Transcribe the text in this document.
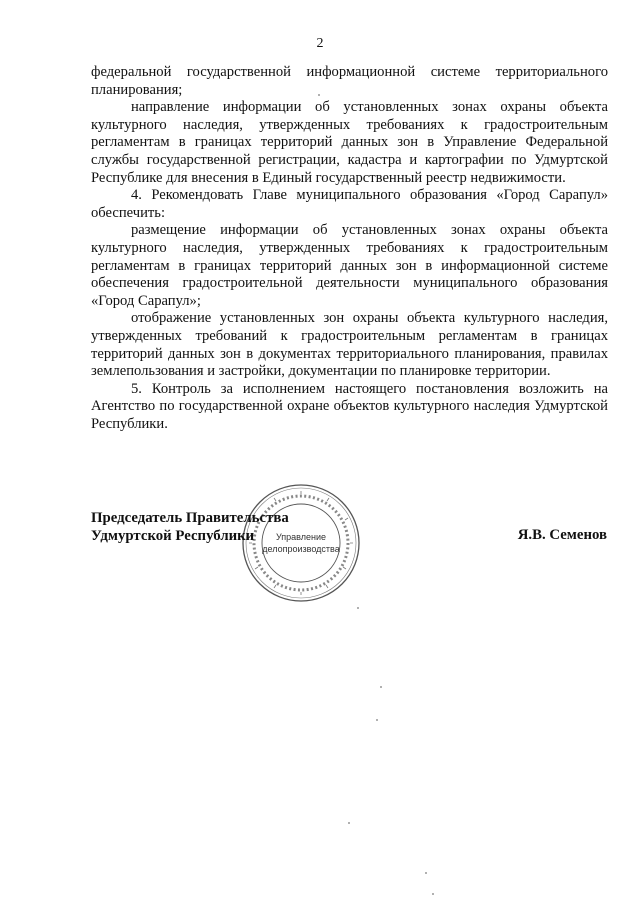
2

федеральной государственной информационной системе территориального планирования;

направление информации об установленных зонах охраны объекта культурного наследия, утвержденных требованиях к градостроительным регламентам в границах территорий данных зон в Управление Федеральной службы государственной регистрации, кадастра и картографии по Удмуртской Республике для внесения в Единый государственный реестр недвижимости.

4. Рекомендовать Главе муниципального образования «Город Сарапул» обеспечить:

размещение информации об установленных зонах охраны объекта культурного наследия, утвержденных требованиях к градостроительным регламентам в границах территорий данных зон в информационной системе обеспечения градостроительной деятельности муниципального образования «Город Сарапул»;

отображение установленных зон охраны объекта культурного наследия, утвержденных требований к градостроительным регламентам в границах территорий данных зон в документах территориального планирования, правилах землепользования и застройки, документации по планировке территории.

5. Контроль за исполнением настоящего постановления возложить на Агентство по государственной охране объектов культурного наследия Удмуртской Республики.

Управление
делопроизводства
Председатель Правительства
Удмуртской Республики	Я.В. Семенов
